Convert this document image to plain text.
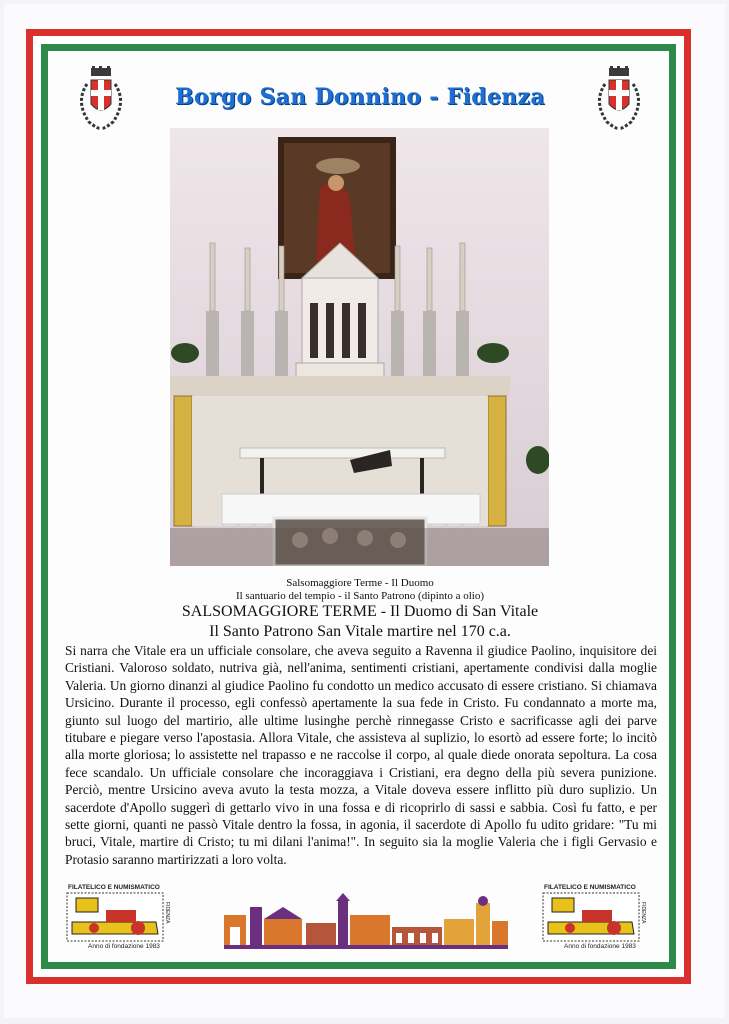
Borgo San Donnino - Fidenza
Salsomaggiore Terme - Il Duomo
Il santuario del tempio - il Santo Patrono (dipinto a olio)
SALSOMAGGIORE TERME - Il Duomo di San Vitale
Il Santo Patrono San Vitale martire nel 170 c.a.
Si narra che Vitale era un ufficiale consolare, che aveva seguito a Ravenna il giudice Paolino, inquisitore dei Cristiani. Valoroso soldato, nutriva già, nell'anima, sentimenti cristiani, apertamente condivisi dalla moglie Valeria. Un giorno dinanzi al giudice Paolino fu condotto un medico accusato di essere cristiano. Si chiamava Ursicino. Durante il processo, egli confessò apertamente la sua fede in Cristo. Fu condannato a morte ma, giunto sul luogo del martirio, alle ultime lusinghe perchè rinnegasse Cristo e sacrificasse agli dei parve titubare e piegare verso l'apostasia. Allora Vitale, che assisteva al suplizio, lo esortò ad essere forte; lo incitò alla morte gloriosa; lo assistette nel trapasso e ne raccolse il corpo, al quale diede onorata sepoltura. La cosa fece scandalo. Un ufficiale consolare che incoraggiava i Cristiani, era degno della più severa punizione. Perciò, mentre Ursicino aveva avuto la testa mozza, a Vitale doveva essere inflitto più duro suplizio. Un sacerdote d'Apollo suggerì di gettarlo vivo in una fossa e di ricoprirlo di sassi e sabbia. Così fu fatto, e per sette giorni, quanti ne passò Vitale dentro la fossa, in agonia, il sacerdote di Apollo fu udito gridare: "Tu mi bruci, Vitale, martire di Cristo; tu mi dilani l'anima!". In seguito sia la moglie Valeria che i figli Gervasio e Protasio saranno martirizzati a loro volta.
FILATELICO E NUMISMATICO
FIDENZA
Anno di fondazione 1983
FILATELICO E NUMISMATICO
FIDENZA
Anno di fondazione 1983
